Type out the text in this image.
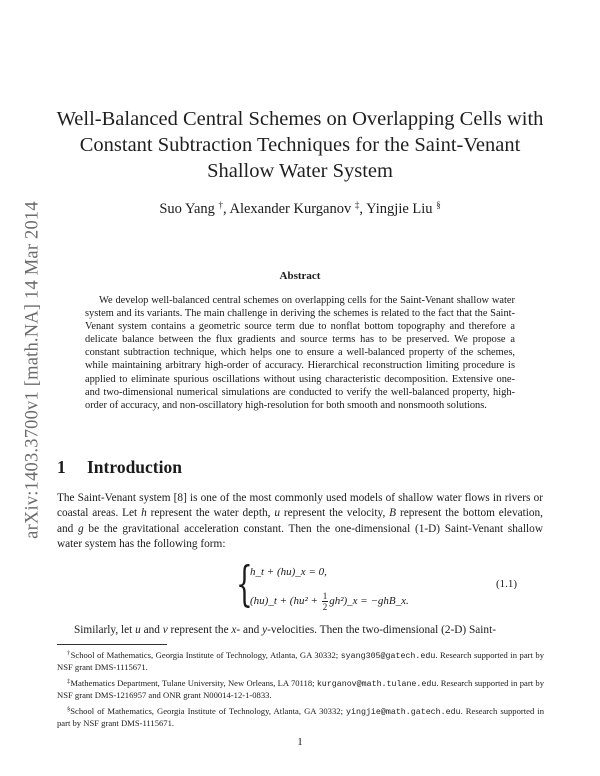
arXiv:1403.3700v1 [math.NA] 14 Mar 2014
Well-Balanced Central Schemes on Overlapping Cells with
Constant Subtraction Techniques for the Saint-Venant
Shallow Water System
Suo Yang †, Alexander Kurganov ‡, Yingjie Liu §
Abstract
We develop well-balanced central schemes on overlapping cells for the Saint-Venant shallow water system and its variants. The main challenge in deriving the schemes is related to the fact that the Saint-Venant system contains a geometric source term due to nonflat bottom topography and therefore a delicate balance between the flux gradients and source terms has to be preserved. We propose a constant subtraction technique, which helps one to ensure a well-balanced property of the schemes, while maintaining arbitrary high-order of accuracy. Hierarchical reconstruction limiting procedure is applied to eliminate spurious oscillations without using characteristic decomposition. Extensive one- and two-dimensional numerical simulations are conducted to verify the well-balanced property, high-order of accuracy, and non-oscillatory high-resolution for both smooth and nonsmooth solutions.
1 Introduction
The Saint-Venant system [8] is one of the most commonly used models of shallow water flows in rivers or coastal areas. Let h represent the water depth, u represent the velocity, B represent the bottom elevation, and g be the gravitational acceleration constant. Then the one-dimensional (1-D) Saint-Venant shallow water system has the following form:
{
h_t + (hu)_x = 0,
(hu)_t + ($hu^2 + \frac{1}{2}$ gh²)_x = −ghB_x.
(1.1)
Similarly, let u and v represent the x- and y-velocities. Then the two-dimensional (2-D) Saint-
†School of Mathematics, Georgia Institute of Technology, Atlanta, GA 30332; syang305@gatech.edu. Research supported in part by NSF grant DMS-1115671.
‡Mathematics Department, Tulane University, New Orleans, LA 70118; kurganov@math.tulane.edu. Research supported in part by NSF grant DMS-1216957 and ONR grant N00014-12-1-0833.
§School of Mathematics, Georgia Institute of Technology, Atlanta, GA 30332; yingjie@math.gatech.edu. Research supported in part by NSF grant DMS-1115671.
1
